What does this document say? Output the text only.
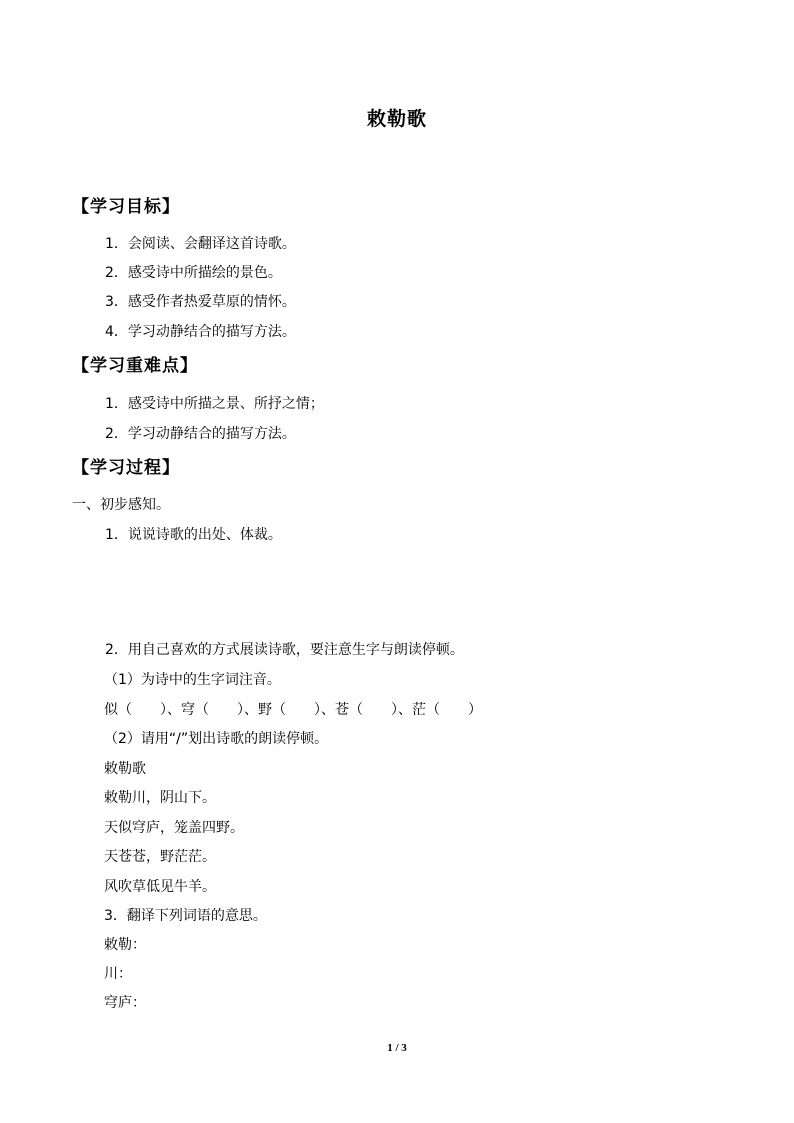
敕勒歌
【学习目标】
1．会阅读、会翻译这首诗歌。
2．感受诗中所描绘的景色。
3．感受作者热爱草原的情怀。
4．学习动静结合的描写方法。
【学习重难点】
1．感受诗中所描之景、所抒之情；
2．学习动静结合的描写方法。
【学习过程】
一、初步感知。
1．说说诗歌的出处、体裁。
2．用自己喜欢的方式展读诗歌，要注意生字与朗读停顿。
（1）为诗中的生字词注音。
似（　　）、穹（　　）、野（　　）、苍（　　）、茫（　　）
（2）请用“/”划出诗歌的朗读停顿。
敕勒歌
敕勒川，阴山下。
天似穹庐，笼盖四野。
天苍苍，野茫茫。
风吹草低见牛羊。
3．翻译下列词语的意思。
敕勒：
川：
穹庐：
1 / 3
